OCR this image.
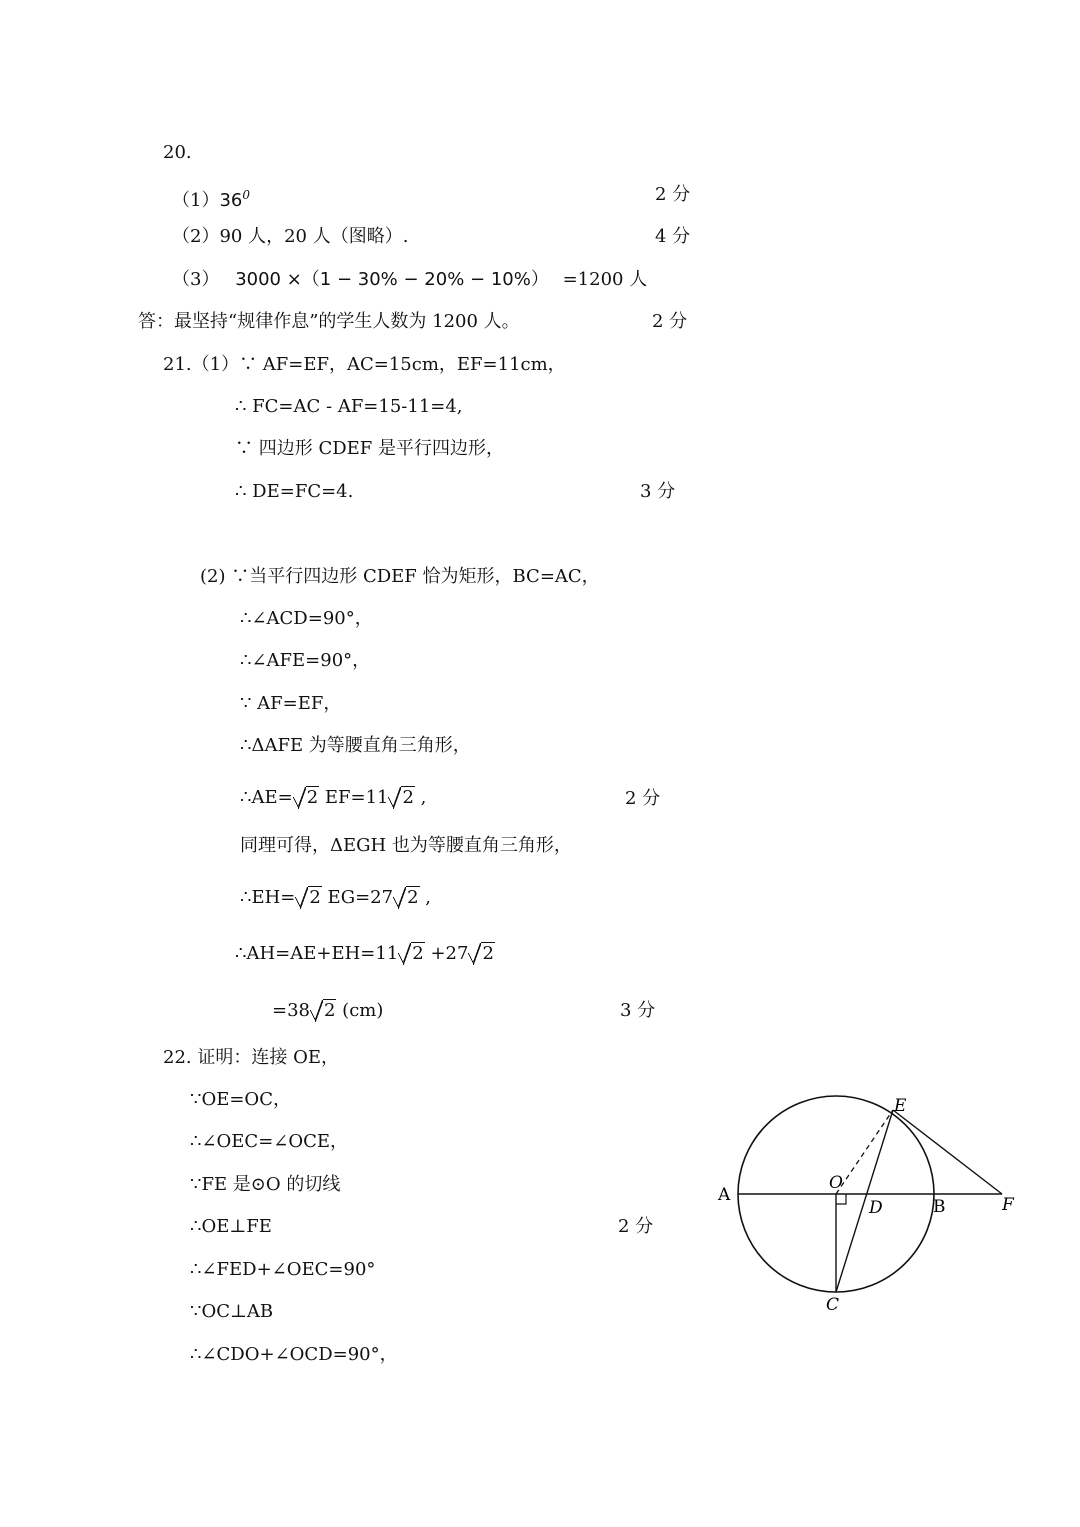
20.
$(1)36^0$	2 分
（2）90 人，20 人（图略）.	4 分
（3） 3000 ×（1 − 30% − 20% − 10%） =1200 人
答：最坚持“规律作息”的学生人数为 1200 人。	2 分
21.（1）∵ AF=EF，AC=15cm，EF=11cm，
∴ FC=AC - AF=15-11=4,
∵ 四边形 CDEF 是平行四边形，
∴ DE=FC=4.	3 分
(2) ∵当平行四边形 CDEF 恰为矩形，BC=AC，
∴∠ACD=90°，
∴∠AFE=90°，
∵ AF=EF，
∴ΔAFE 为等腰直角三角形，
∴AE= 2 EF=11 2 ,	2 分
同理可得，ΔEGH 也为等腰直角三角形，
∴EH= 2 EG=27 2 ,
∴AH=AE+EH=11 2 +27 2
=38 2 (cm)	3 分
22. 证明：连接 OE，
∵OE=OC，
∴∠OEC=∠OCE，
∵FE 是⊙O 的切线
∴OE⊥FE	2 分
∴∠FED+∠OEC=90°
∵OC⊥AB
∴∠CDO+∠OCD=90°，
A
B
C
D
E
F
O
